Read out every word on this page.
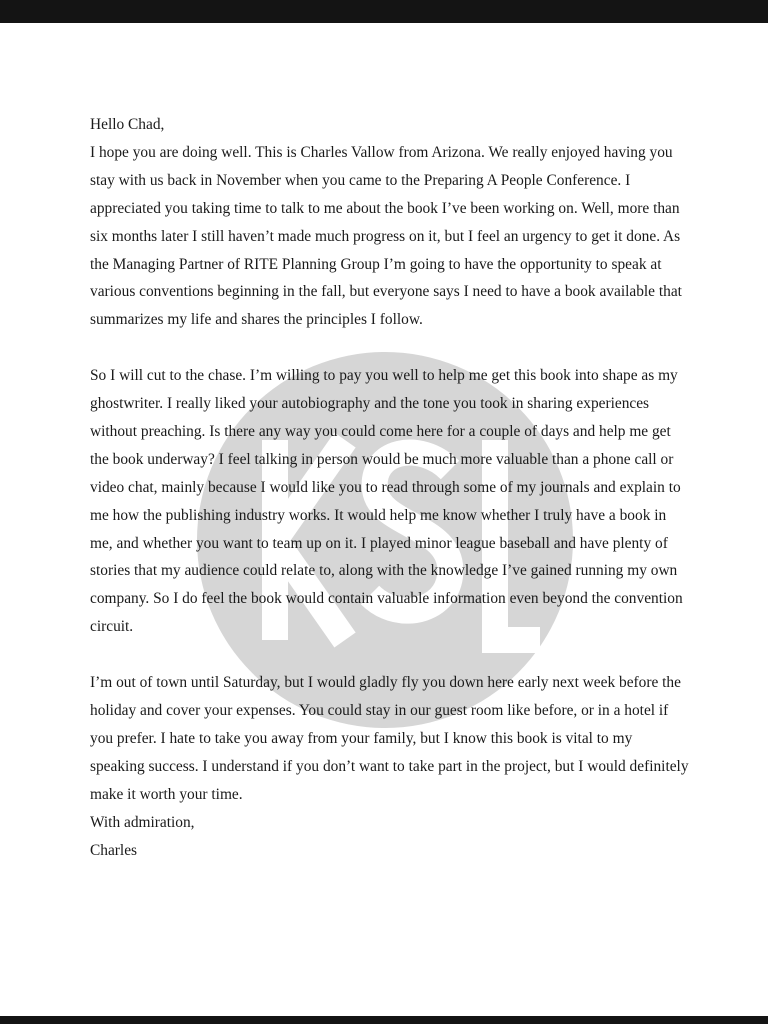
Hello Chad,

I hope you are doing well. This is Charles Vallow from Arizona. We really enjoyed having you stay with us back in November when you came to the Preparing A People Conference. I appreciated you taking time to talk to me about the book I’ve been working on. Well, more than six months later I still haven’t made much progress on it, but I feel an urgency to get it done. As the Managing Partner of RITE Planning Group I’m going to have the opportunity to speak at various conventions beginning in the fall, but everyone says I need to have a book available that summarizes my life and shares the principles I follow.

So I will cut to the chase. I’m willing to pay you well to help me get this book into shape as my ghostwriter. I really liked your autobiography and the tone you took in sharing experiences without preaching. Is there any way you could come here for a couple of days and help me get the book underway? I feel talking in person would be much more valuable than a phone call or video chat, mainly because I would like you to read through some of my journals and explain to me how the publishing industry works. It would help me know whether I truly have a book in me, and whether you want to team up on it. I played minor league baseball and have plenty of stories that my audience could relate to, along with the knowledge I’ve gained running my own company. So I do feel the book would contain valuable information even beyond the convention circuit.

I’m out of town until Saturday, but I would gladly fly you down here early next week before the holiday and cover your expenses. You could stay in our guest room like before, or in a hotel if you prefer. I hate to take you away from your family, but I know this book is vital to my speaking success. I understand if you don’t want to take part in the project, but I would definitely make it worth your time.

With admiration,

Charles
